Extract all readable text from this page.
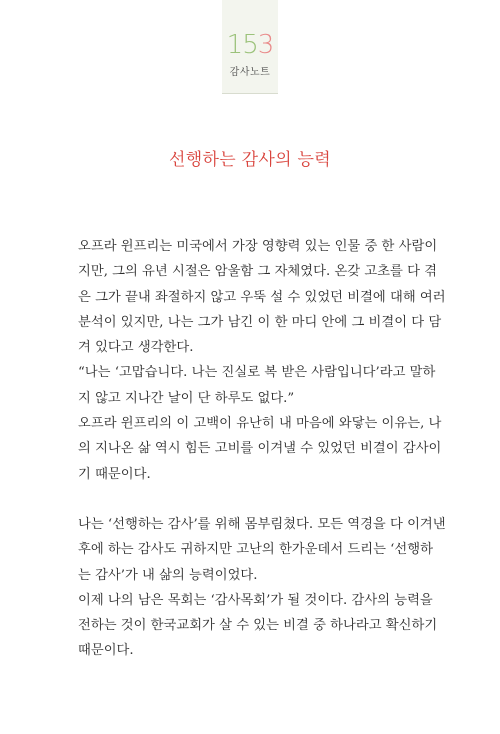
153
감사노트
선행하는 감사의 능력

오프라 윈프리는 미국에서 가장 영향력 있는 인물 중 한 사람이

지만, 그의 유년 시절은 암울함 그 자체였다. 온갖 고초를 다 겪

은 그가 끝내 좌절하지 않고 우뚝 설 수 있었던 비결에 대해 여러

분석이 있지만, 나는 그가 남긴 이 한 마디 안에 그 비결이 다 담

겨 있다고 생각한다.

“나는 ‘고맙습니다. 나는 진실로 복 받은 사람입니다’라고 말하

지 않고 지나간 날이 단 하루도 없다.”

오프라 윈프리의 이 고백이 유난히 내 마음에 와닿는 이유는, 나

의 지나온 삶 역시 힘든 고비를 이겨낼 수 있었던 비결이 감사이

기 때문이다.

나는 ‘선행하는 감사’를 위해 몸부림쳤다. 모든 역경을 다 이겨낸

후에 하는 감사도 귀하지만 고난의 한가운데서 드리는 ‘선행하

는 감사’가 내 삶의 능력이었다.

이제 나의 남은 목회는 ‘감사목회’가 될 것이다. 감사의 능력을

전하는 것이 한국교회가 살 수 있는 비결 중 하나라고 확신하기

때문이다.
